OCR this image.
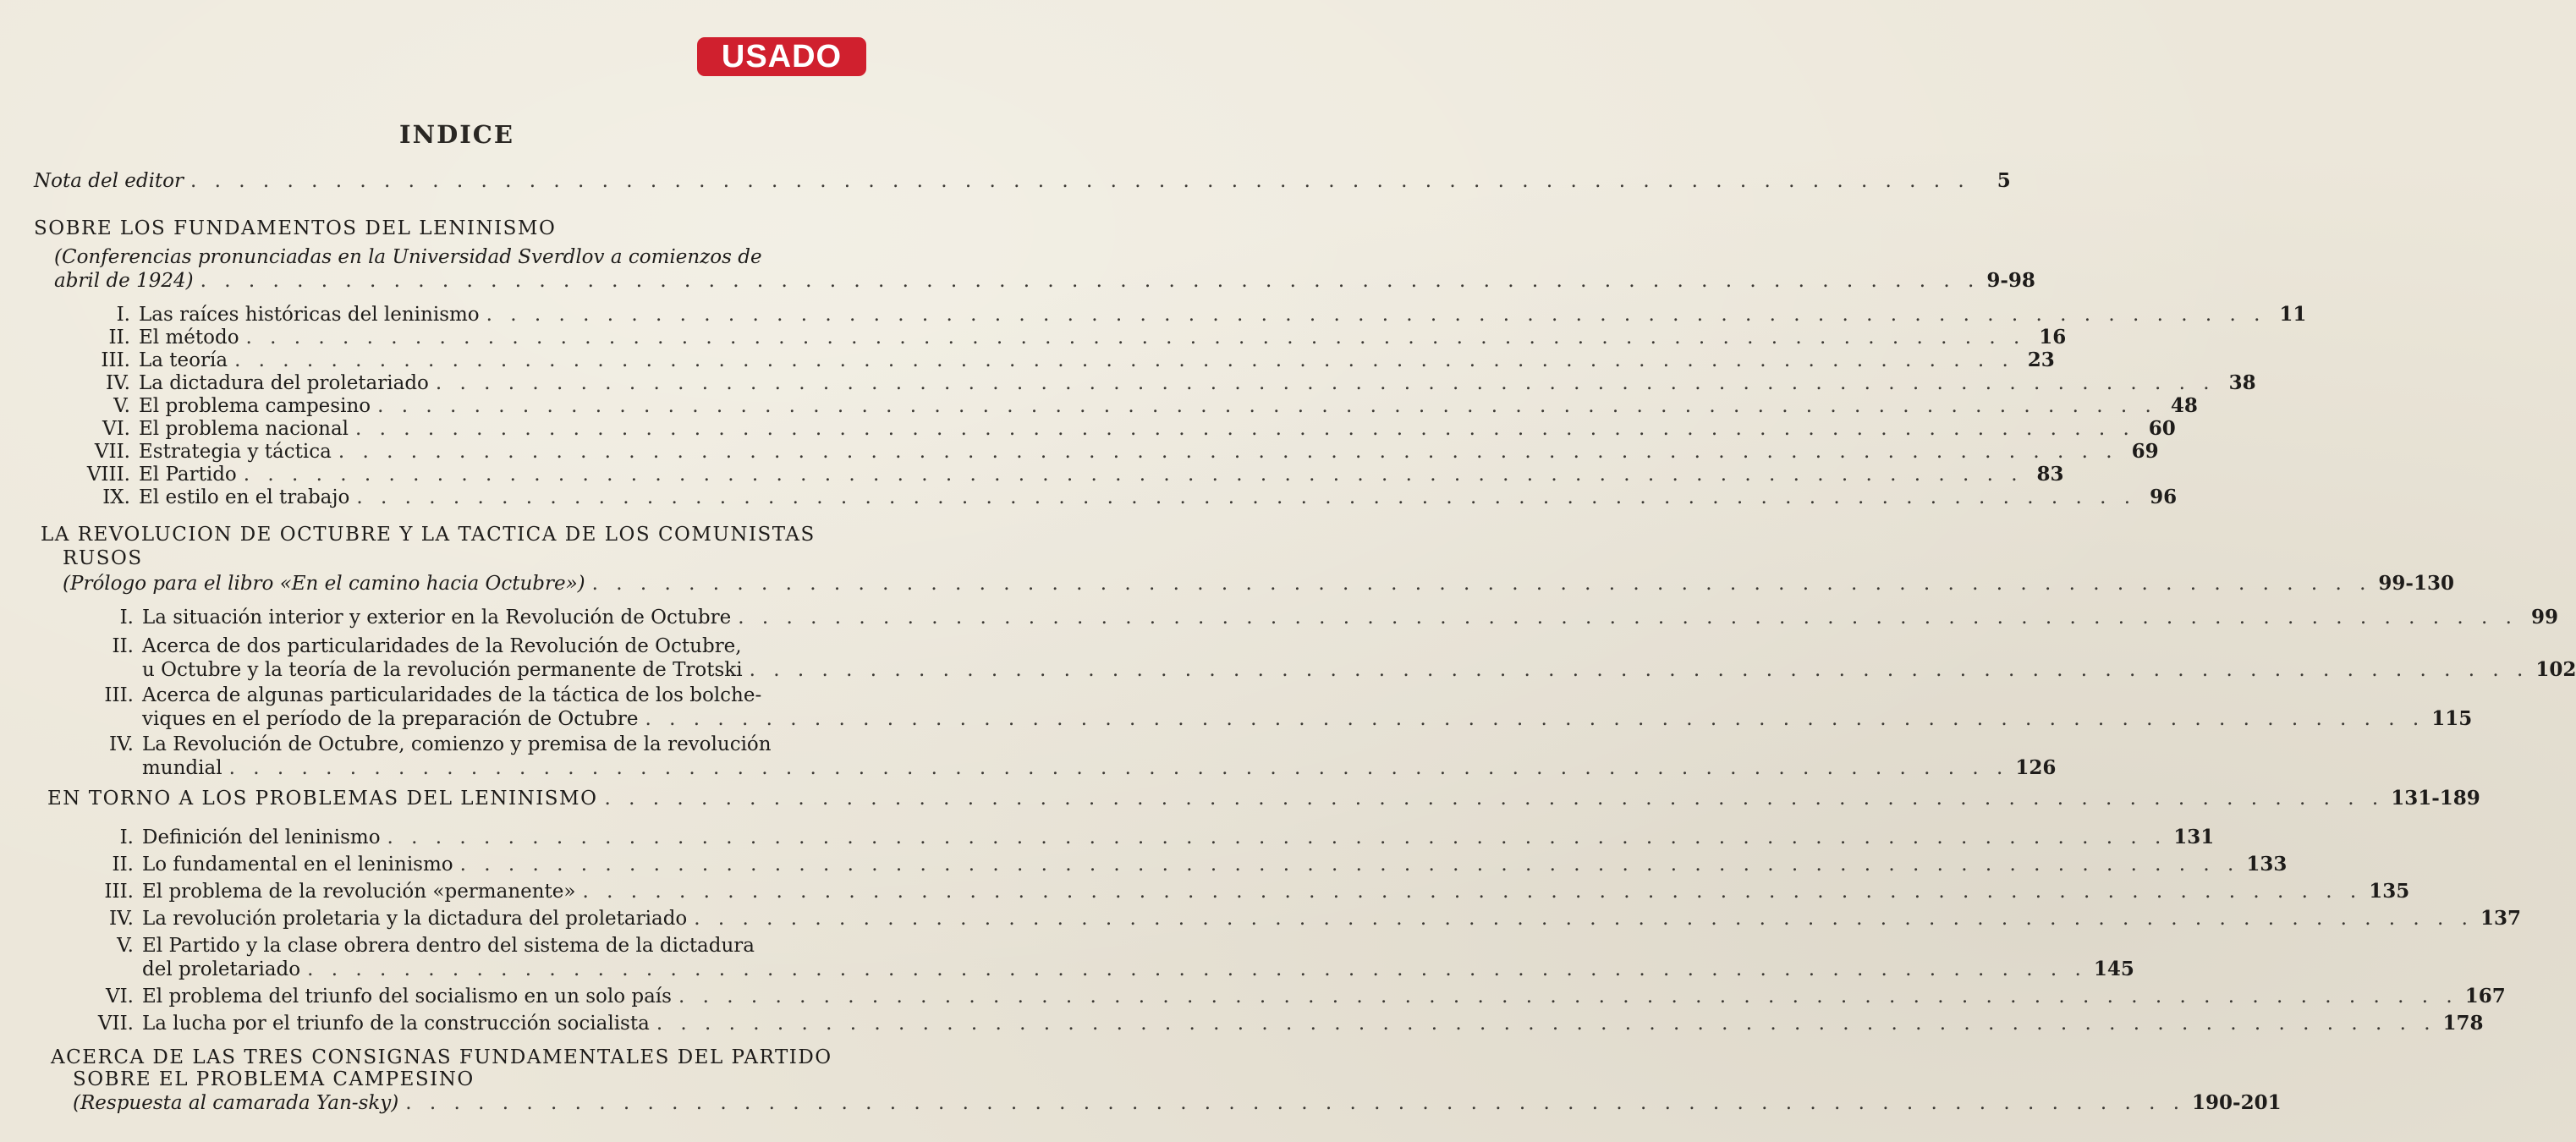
USADO
INDICE
Nota del editor . . . . . . . . . . . . . . . . . . . . . . . . . . . . . . . . . . . . . . . . . . . . . . . . . . . . . . . . . . . . . . . . . . . . . . . . . .	5
SOBRE LOS FUNDAMENTOS DEL LENINISMO
(Conferencias pronunciadas en la Universidad Sverdlov a comienzos de
abril de 1924) . . . . . . . . . . . . . . . . . . . . . . . . . . . . . . . . . . . . . . . . . . . . . . . . . . . . . . . . . . . . . . . . . . . . . . . . . . 9-98
I. Las raíces históricas del leninismo . . . . . . . . . . . . . . . . . . . . . . . . . . . . . . . . . . . . . . . . . . . . . . . . . . . . . . . . . . . . . . . . . . . . . . . . . . 11
II. El método . . . . . . . . . . . . . . . . . . . . . . . . . . . . . . . . . . . . . . . . . . . . . . . . . . . . . . . . . . . . . . . . . . . . . . . . . . 16
III. La teoría . . . . . . . . . . . . . . . . . . . . . . . . . . . . . . . . . . . . . . . . . . . . . . . . . . . . . . . . . . . . . . . . . . . . . . . . . . 23
IV. La dictadura del proletariado . . . . . . . . . . . . . . . . . . . . . . . . . . . . . . . . . . . . . . . . . . . . . . . . . . . . . . . . . . . . . . . . . . . . . . . . . . 38
V. El problema campesino . . . . . . . . . . . . . . . . . . . . . . . . . . . . . . . . . . . . . . . . . . . . . . . . . . . . . . . . . . . . . . . . . . . . . . . . . . 48
VI. El problema nacional . . . . . . . . . . . . . . . . . . . . . . . . . . . . . . . . . . . . . . . . . . . . . . . . . . . . . . . . . . . . . . . . . . . . . . . . . . 60
VII. Estrategia y táctica . . . . . . . . . . . . . . . . . . . . . . . . . . . . . . . . . . . . . . . . . . . . . . . . . . . . . . . . . . . . . . . . . . . . . . . . . . 69
VIII. El Partido . . . . . . . . . . . . . . . . . . . . . . . . . . . . . . . . . . . . . . . . . . . . . . . . . . . . . . . . . . . . . . . . . . . . . . . . . . 83
IX. El estilo en el trabajo . . . . . . . . . . . . . . . . . . . . . . . . . . . . . . . . . . . . . . . . . . . . . . . . . . . . . . . . . . . . . . . . . . . . . . . . . . 96
LA REVOLUCION DE OCTUBRE Y LA TACTICA DE LOS COMUNISTAS
RUSOS
(Prólogo para el libro «En el camino hacia Octubre») . . . . . . . . . . . . . . . . . . . . . . . . . . . . . . . . . . . . . . . . . . . . . . . . . . . . . . . . . . . . . . . . . . . . . . . . . . 99-130
I. La situación interior y exterior en la Revolución de Octubre . . . . . . . . . . . . . . . . . . . . . . . . . . . . . . . . . . . . . . . . . . . . . . . . . . . . . . . . . . . . . . . . . . . . . . . . . . 99
II. Acerca de dos particularidades de la Revolución de Octubre,
u Octubre y la teoría de la revolución permanente de Trotski . . . . . . . . . . . . . . . . . . . . . . . . . . . . . . . . . . . . . . . . . . . . . . . . . . . . . . . . . . . . . . . . . . . . . . . . . . 102
III. Acerca de algunas particularidades de la táctica de los bolche-
viques en el período de la preparación de Octubre . . . . . . . . . . . . . . . . . . . . . . . . . . . . . . . . . . . . . . . . . . . . . . . . . . . . . . . . . . . . . . . . . . . . . . . . . . 115
IV. La Revolución de Octubre, comienzo y premisa de la revolución
mundial . . . . . . . . . . . . . . . . . . . . . . . . . . . . . . . . . . . . . . . . . . . . . . . . . . . . . . . . . . . . . . . . . . . . . . . . . . 126
EN TORNO A LOS PROBLEMAS DEL LENINISMO . . . . . . . . . . . . . . . . . . . . . . . . . . . . . . . . . . . . . . . . . . . . . . . . . . . . . . . . . . . . . . . . . . . . . . . . . . 131-189
I. Definición del leninismo . . . . . . . . . . . . . . . . . . . . . . . . . . . . . . . . . . . . . . . . . . . . . . . . . . . . . . . . . . . . . . . . . . . . . . . . . . 131
II. Lo fundamental en el leninismo . . . . . . . . . . . . . . . . . . . . . . . . . . . . . . . . . . . . . . . . . . . . . . . . . . . . . . . . . . . . . . . . . . . . . . . . . . 133
III. El problema de la revolución «permanente» . . . . . . . . . . . . . . . . . . . . . . . . . . . . . . . . . . . . . . . . . . . . . . . . . . . . . . . . . . . . . . . . . . . . . . . . . . 135
IV. La revolución proletaria y la dictadura del proletariado . . . . . . . . . . . . . . . . . . . . . . . . . . . . . . . . . . . . . . . . . . . . . . . . . . . . . . . . . . . . . . . . . . . . . . . . . . 137
V. El Partido y la clase obrera dentro del sistema de la dictadura
del proletariado . . . . . . . . . . . . . . . . . . . . . . . . . . . . . . . . . . . . . . . . . . . . . . . . . . . . . . . . . . . . . . . . . . . . . . . . . . 145
VI. El problema del triunfo del socialismo en un solo país . . . . . . . . . . . . . . . . . . . . . . . . . . . . . . . . . . . . . . . . . . . . . . . . . . . . . . . . . . . . . . . . . . . . . . . . . . 167
VII. La lucha por el triunfo de la construcción socialista . . . . . . . . . . . . . . . . . . . . . . . . . . . . . . . . . . . . . . . . . . . . . . . . . . . . . . . . . . . . . . . . . . . . . . . . . . 178
ACERCA DE LAS TRES CONSIGNAS FUNDAMENTALES DEL PARTIDO
SOBRE EL PROBLEMA CAMPESINO
(Respuesta al camarada Yan-sky) . . . . . . . . . . . . . . . . . . . . . . . . . . . . . . . . . . . . . . . . . . . . . . . . . . . . . . . . . . . . . . . . . . . . . . . . . . 190-201
